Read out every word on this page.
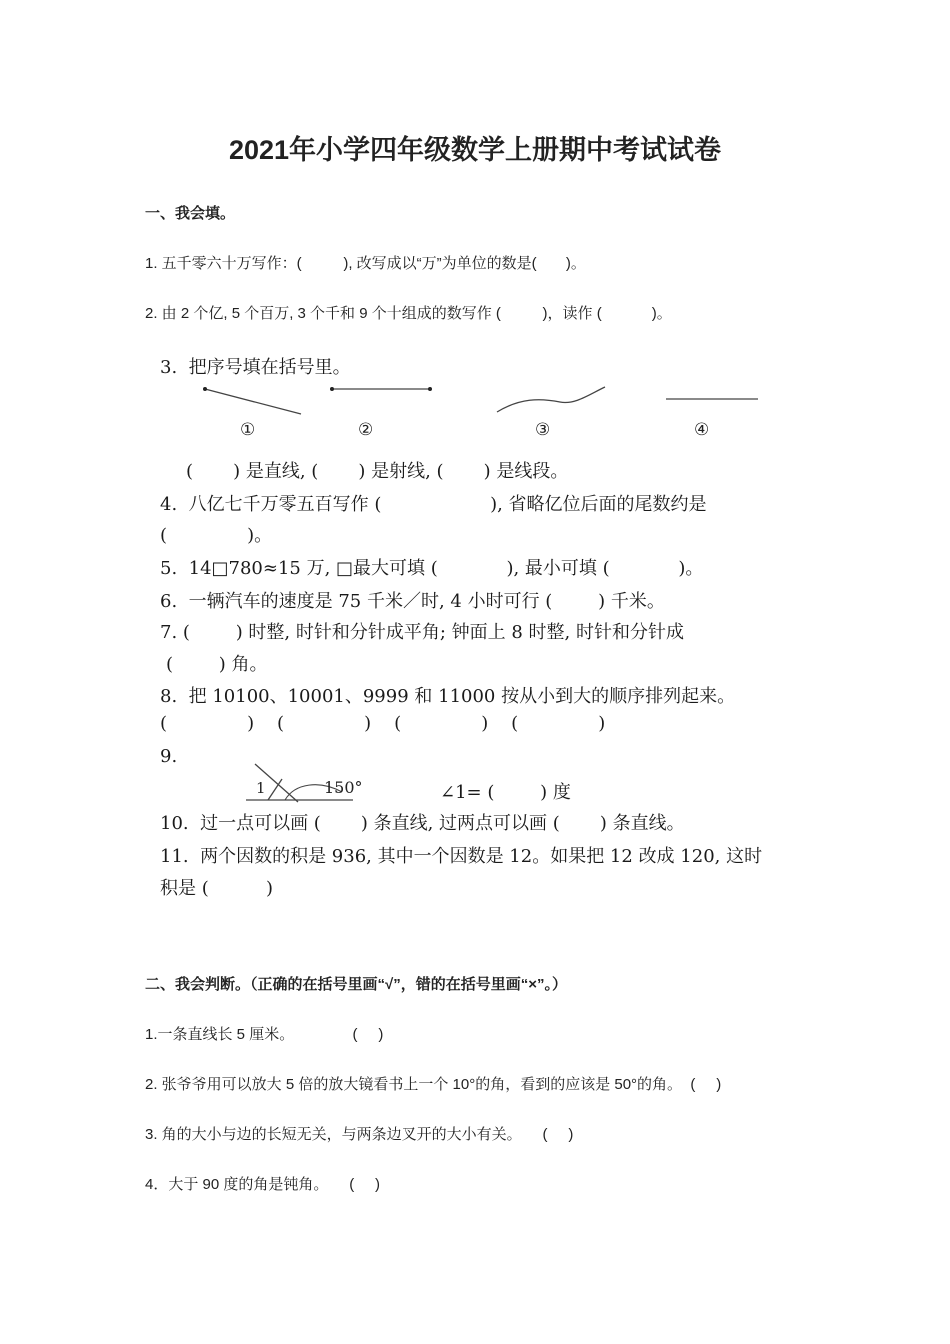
2021年小学四年级数学上册期中考试试卷
一、我会填。
1. 五千零六十万写作：(          ), 改写成以“万”为单位的数是(       )。
2. 由 2 个亿, 5 个百万, 3 个千和 9 个十组成的数写作 (          )，读作 (            )。
3.  把序号填在括号里。
①	②	③	④
(       ) 是直线, (       ) 是射线, (       ) 是线段。
4.  八亿七千万零五百写作 (                   ), 省略亿位后面的尾数约是
(              )。
5.  14□780≈15 万, □最大可填 (            ), 最小可填 (            )。
6.  一辆汽车的速度是 75 千米／时, 4 小时可行 (        ) 千米。
7. (        ) 时整, 时针和分针成平角; 钟面上 8 时整, 时针和分针成
(        ) 角。
8.  把 10100、10001、9999 和 11000 按从小到大的顺序排列起来。
(              )    (              )    (              )    (              )
9.
1	150°	∠1= (        ) 度
10.  过一点可以画 (       ) 条直线, 过两点可以画 (       ) 条直线。
11.  两个因数的积是 936, 其中一个因数是 12。如果把 12 改成 120, 这时
积是 (          )
二、我会判断。（正确的在括号里画“√”，错的在括号里画“×”。）
1.一条直线长 5 厘米。              (     )
2. 张爷爷用可以放大 5 倍的放大镜看书上一个 10°的角，看到的应该是 50°的角。  (     )
3. 角的大小与边的长短无关，与两条边叉开的大小有关。     (     )
4．大于 90 度的角是钝角。     (     )
